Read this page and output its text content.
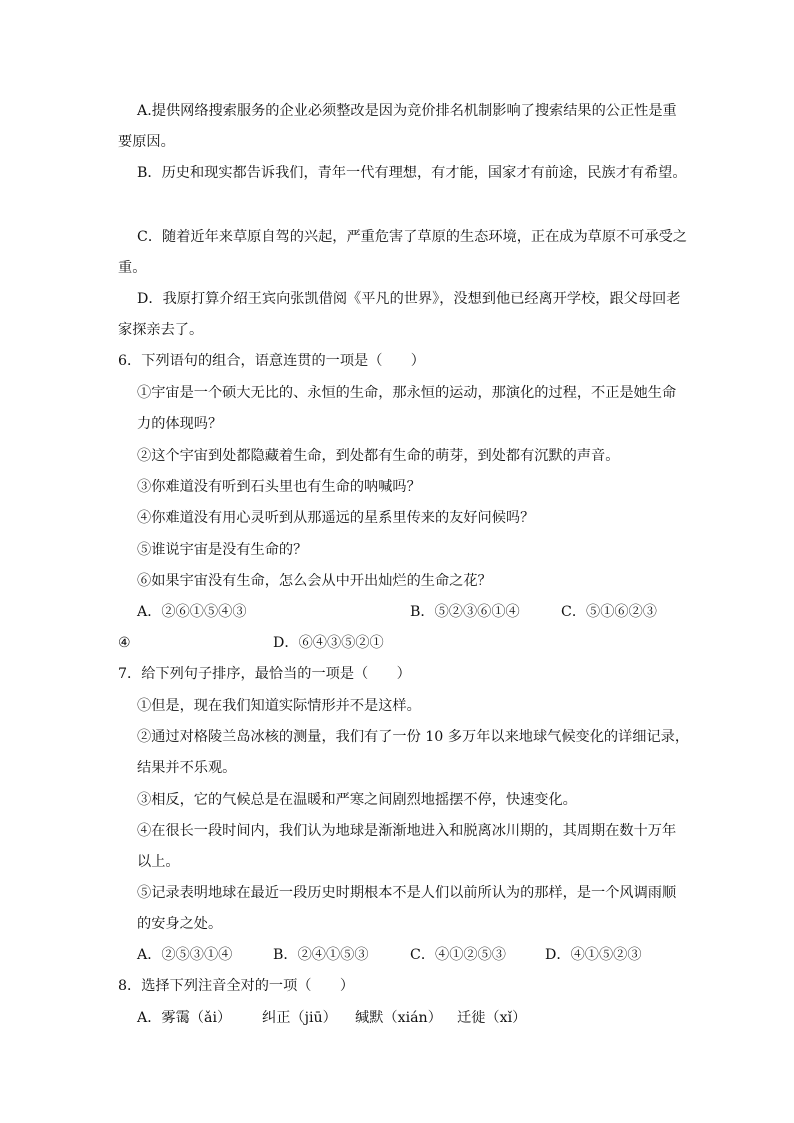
A.提供网络搜索服务的企业必须整改是因为竞价排名机制影响了搜索结果的公正性是重
要原因。
B．历史和现实都告诉我们，青年一代有理想，有才能，国家才有前途，民族才有希望。
C．随着近年来草原自驾的兴起，严重危害了草原的生态环境，正在成为草原不可承受之
重。
D．我原打算介绍王宾向张凯借阅《平凡的世界》，没想到他已经离开学校，跟父母回老
家探亲去了。
6．下列语句的组合，语意连贯的一项是（　　）
①宇宙是一个硕大无比的、永恒的生命，那永恒的运动，那演化的过程，不正是她生命
力的体现吗？
②这个宇宙到处都隐藏着生命，到处都有生命的萌芽，到处都有沉默的声音。
③你难道没有听到石头里也有生命的呐喊吗？
④你难道没有用心灵听到从那遥远的星系里传来的友好问候吗？
⑤谁说宇宙是没有生命的？
⑥如果宇宙没有生命，怎么会从中开出灿烂的生命之花？
A．②⑥①⑤④③	B．⑤②③⑥①④	C．⑤①⑥②③
④	D．⑥④③⑤②①
7．给下列句子排序，最恰当的一项是（　　）
①但是，现在我们知道实际情形并不是这样。
②通过对格陵兰岛冰核的测量，我们有了一份 10 多万年以来地球气候变化的详细记录，
结果并不乐观。
③相反，它的气候总是在温暖和严寒之间剧烈地摇摆不停，快速变化。
④在很长一段时间内，我们认为地球是渐渐地进入和脱离冰川期的，其周期在数十万年
以上。
⑤记录表明地球在最近一段历史时期根本不是人们以前所认为的那样，是一个风调雨顺
的安身之处。
A．②⑤③①④	B．②④①⑤③	C．④①②⑤③	D．④①⑤②③
8．选择下列注音全对的一项（　　）
A．雾霭（ǎi） 纠正（jiū） 缄默（xián） 迁徙（xǐ）
